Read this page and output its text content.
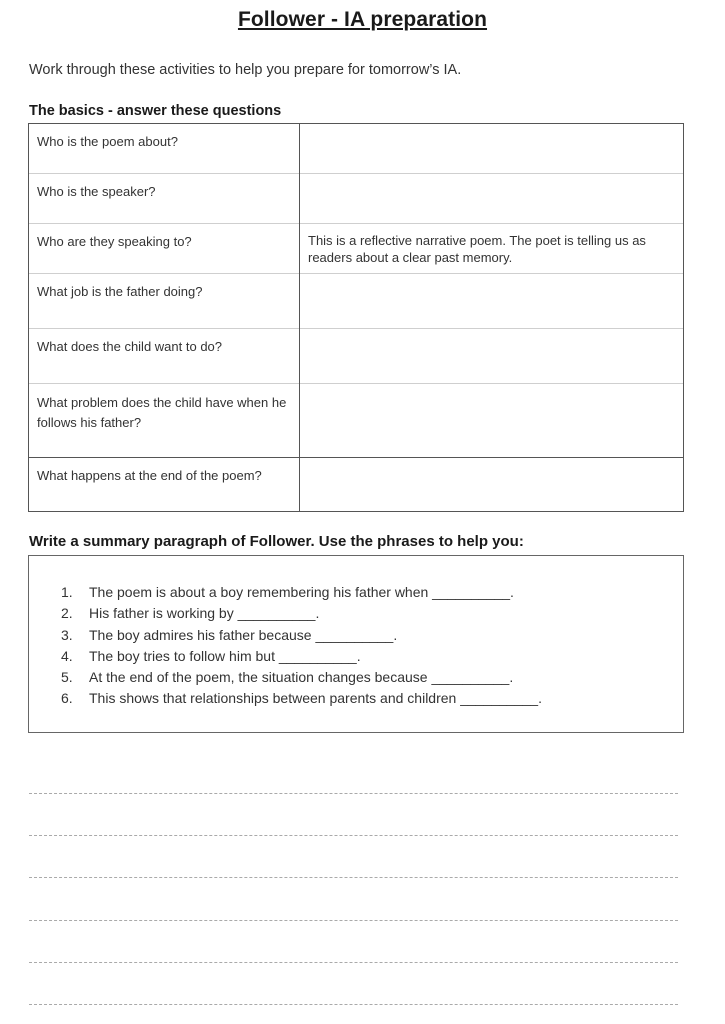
Follower - IA preparation
Work through these activities to help you prepare for tomorrow’s IA.
The basics - answer these questions
Who is the poem about?	
Who is the speaker?	
Who are they speaking to?	This is a reflective narrative poem. The poet is telling us as readers about a clear past memory.
What job is the father doing?	
What does the child want to do?	
What problem does the child have when he follows his father?	
What happens at the end of the poem?	
Write a summary paragraph of Follower. Use the phrases to help you:
1. The poem is about a boy remembering his father when __________.
2. His father is working by __________.
3. The boy admires his father because __________.
4. The boy tries to follow him but __________.
5. At the end of the poem, the situation changes because __________.
6. This shows that relationships between parents and children __________.
